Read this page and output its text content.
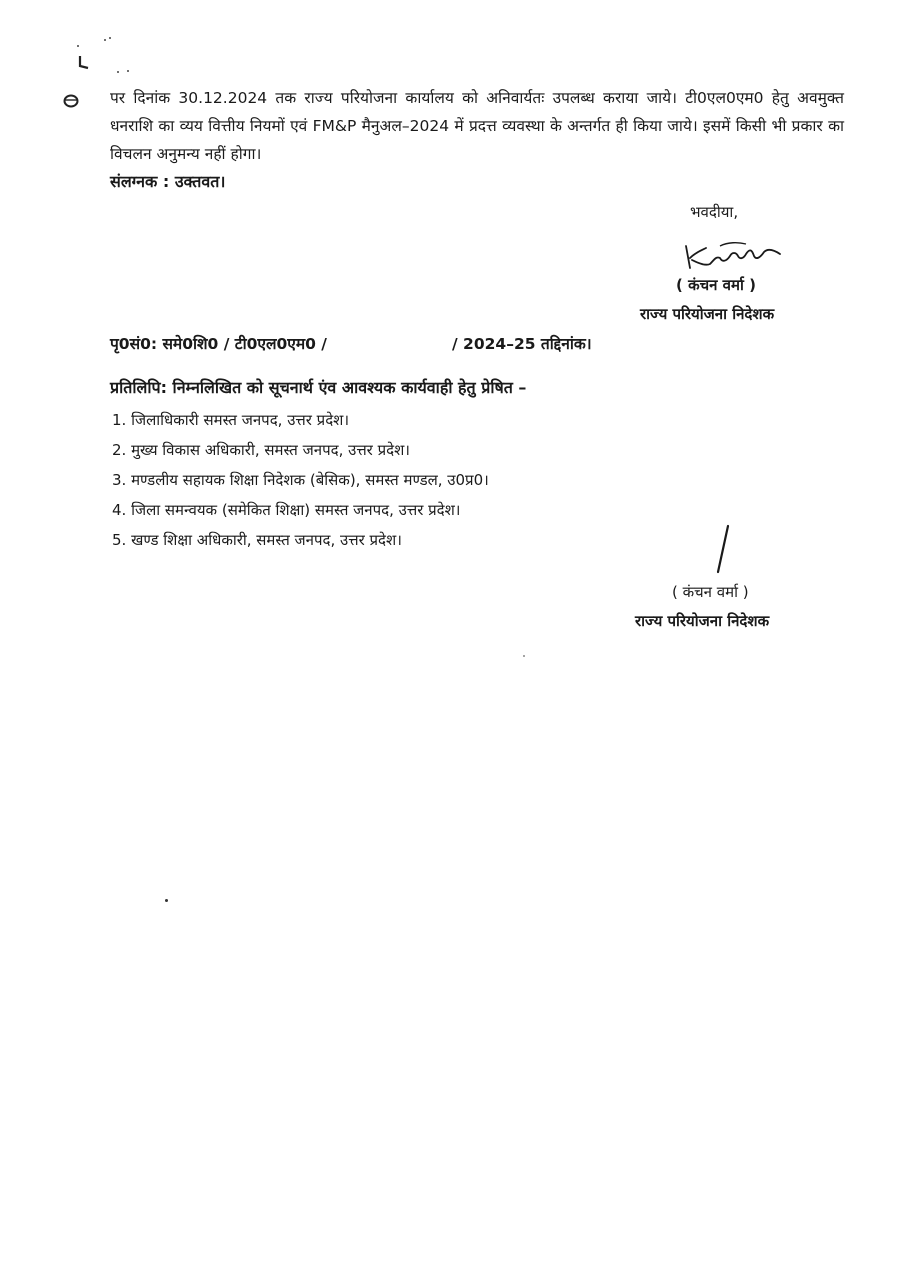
पर दिनांक 30.12.2024 तक राज्य परियोजना कार्यालय को अनिवार्यतः उपलब्ध कराया जाये। टी0एल0एम0 हेतु अवमुक्त धनराशि का व्यय वित्तीय नियमों एवं FM&P मैनुअल–2024 में प्रदत्त व्यवस्था के अन्तर्गत ही किया जाये। इसमें किसी भी प्रकार का विचलन अनुमन्य नहीं होगा।
संलग्नक : उक्तवत।
भवदीया,
( कंचन वर्मा )
राज्य परियोजना निदेशक
पृ0सं0: समे0शि0 / टी0एल0एम0 /	/ 2024–25 तद्दिनांक।
प्रतिलिपि: निम्नलिखित को सूचनार्थ एंव आवश्यक कार्यवाही हेतु प्रेषित –
1. जिलाधिकारी समस्त जनपद, उत्तर प्रदेश।
2. मुख्य विकास अधिकारी, समस्त जनपद, उत्तर प्रदेश।
3. मण्डलीय सहायक शिक्षा निदेशक (बेसिक), समस्त मण्डल, उ0प्र0।
4. जिला समन्वयक (समेकित शिक्षा) समस्त जनपद, उत्तर प्रदेश।
5. खण्ड शिक्षा अधिकारी, समस्त जनपद, उत्तर प्रदेश।
( कंचन वर्मा )
राज्य परियोजना निदेशक
